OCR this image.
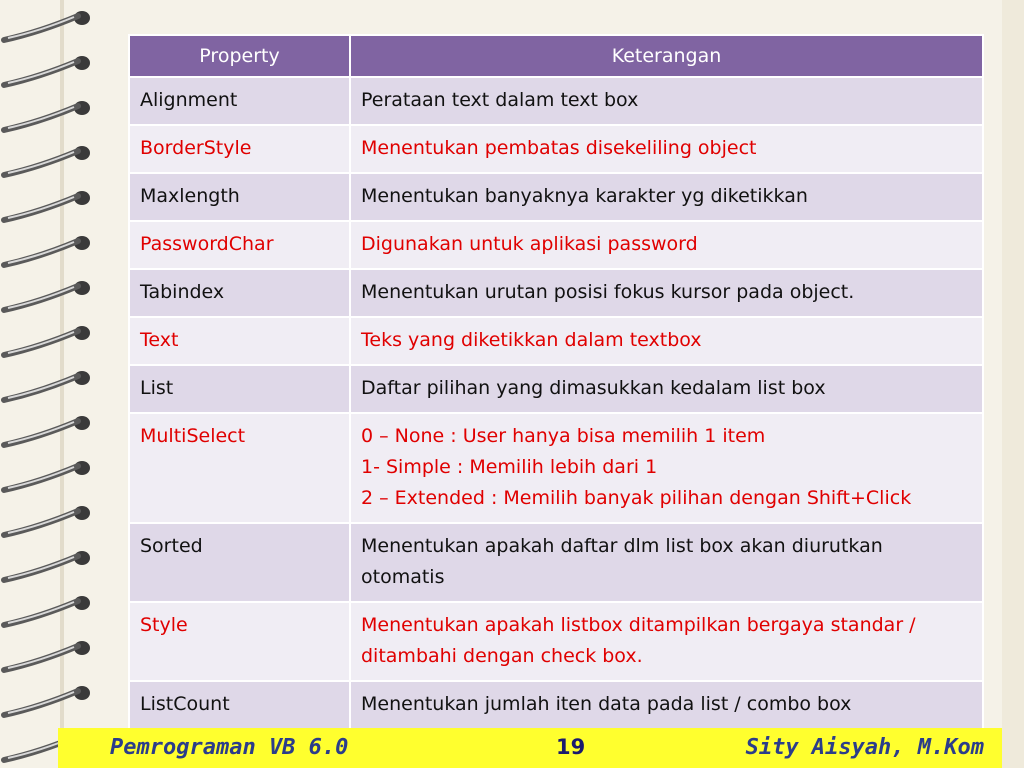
Property	Keterangan
Alignment	Perataan text dalam text box

BorderStyle	Menentukan pembatas disekeliling object

Maxlength	Menentukan banyaknya karakter yg diketikkan

PasswordChar	Digunakan untuk aplikasi password

Tabindex	Menentukan urutan posisi fokus kursor pada object.

Text	Teks yang diketikkan dalam textbox

List	Daftar pilihan yang dimasukkan kedalam list box

MultiSelect	0 – None : User hanya bisa memilih 1 item
1- Simple : Memilih lebih dari 1
2 – Extended : Memilih banyak pilihan dengan Shift+Click

Sorted	Menentukan apakah daftar dlm list box akan diurutkan
otomatis

Style	Menentukan apakah listbox ditampilkan bergaya standar /
ditambahi dengan check box.

ListCount	Menentukan jumlah iten data pada list / combo box
Pemrograman VB 6.0	Sity Aisyah, M.Kom
19
